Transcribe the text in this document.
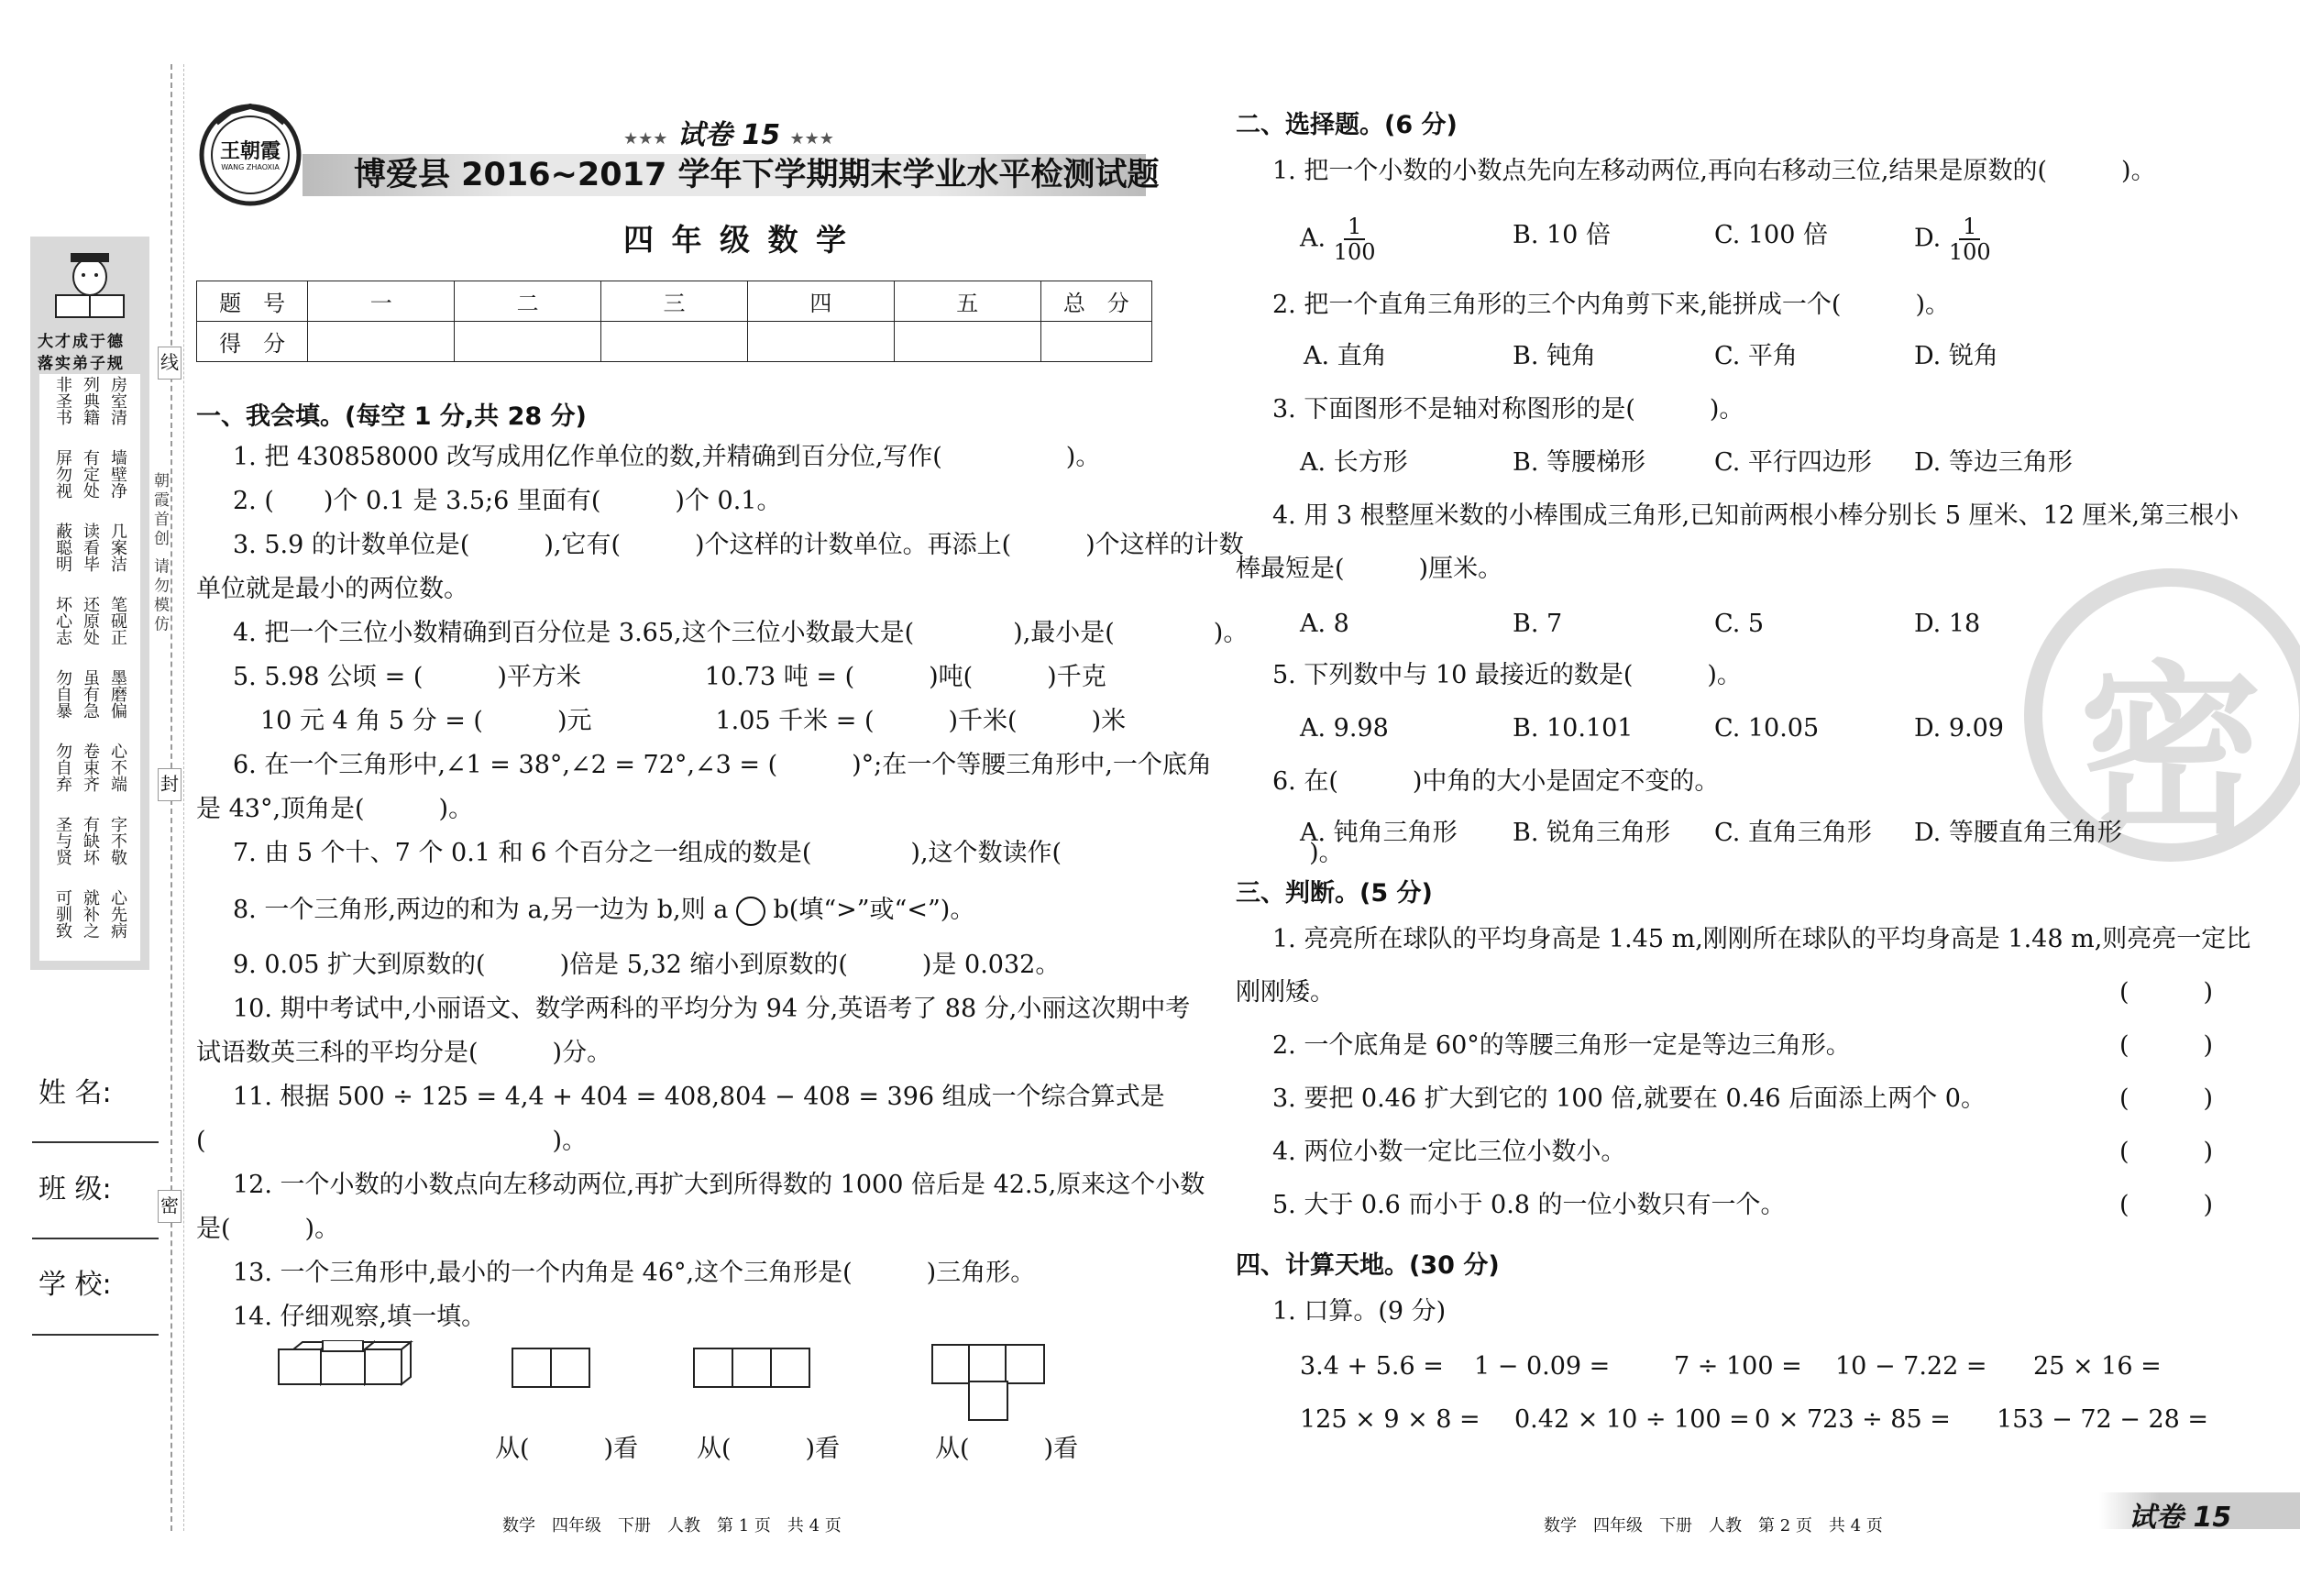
线
封
密
朝霞首创 请勿模仿
大才成于德
落实弟子规
房室清
列典籍
非圣书
墙壁净
有定处
屏勿视
几案洁
读看毕
蔽聪明
笔砚正
还原处
坏心志
墨磨偏
虽有急
勿自暴
心不端
卷束齐
勿自弃
字不敬
有缺坏
圣与贤
心先病
就补之
可驯致
姓 名:
班 级:
学 校:
王朝霞
WANG ZHAOXIA
★★★ 试卷 15 ★★★
博爱县 2016~2017 学年下学期期末学业水平检测试题
四 年 级 数 学
题　号	一	二	三	四	五	总　分
得　分						
一、我会填。(每空 1 分,共 28 分)
1. 把 430858000 改写成用亿作单位的数,并精确到百分位,写作(　　　　　)。
2. (　　)个 0.1 是 3.5;6 里面有(　　　)个 0.1。
3. 5.9 的计数单位是(　　　),它有(　　　)个这样的计数单位。再添上(　　　)个这样的计数
单位就是最小的两位数。
4. 把一个三位小数精确到百分位是 3.65,这个三位小数最大是(　　　　),最小是(　　　　)。
5. 5.98 公顷 = (　　　)平方米　　　　　10.73 吨 = (　　　)吨(　　　)千克
10 元 4 角 5 分 = (　　　)元　　　　　1.05 千米 = (　　　)千米(　　　)米
6. 在一个三角形中,∠1 = 38°,∠2 = 72°,∠3 = (　　　)°;在一个等腰三角形中,一个底角
是 43°,顶角是(　　　)。
7. 由 5 个十、7 个 0.1 和 6 个百分之一组成的数是(　　　　),这个数读作(　　　　　　　　　　)。
8. 一个三角形,两边的和为 a,另一边为 b,则 a b(填“>”或“<”)。
9. 0.05 扩大到原数的(　　　)倍是 5,32 缩小到原数的(　　　)是 0.032。
10. 期中考试中,小丽语文、数学两科的平均分为 94 分,英语考了 88 分,小丽这次期中考
试语数英三科的平均分是(　　　)分。
11. 根据 500 ÷ 125 = 4,4 + 404 = 408,804 − 408 = 396 组成一个综合算式是
(　　　　　　　　　　　　　　)。
12. 一个小数的小数点向左移动两位,再扩大到所得数的 1000 倍后是 42.5,原来这个小数
是(　　　)。
13. 一个三角形中,最小的一个内角是 46°,这个三角形是(　　　)三角形。
14. 仔细观察,填一填。
从(　　　)看 从(　　　)看	从(　　　)看
数学　四年级　下册　人教　第 1 页　共 4 页
密
二、选择题。(6 分)
1. 把一个小数的小数点先向左移动两位,再向右移动三位,结果是原数的(　　　)。
A. $\frac{1}{100}$	B. 10 倍	C. 100 倍	D. $\frac{1}{100}$
2. 把一个直角三角形的三个内角剪下来,能拼成一个(　　　)。
A. 直角	B. 钝角	C. 平角	D. 锐角
3. 下面图形不是轴对称图形的是(　　　)。
A. 长方形	B. 等腰梯形	C. 平行四边形 D. 等边三角形
4. 用 3 根整厘米数的小棒围成三角形,已知前两根小棒分别长 5 厘米、12 厘米,第三根小
棒最短是(　　　)厘米。
A. 8	B. 7	C. 5	D. 18
5. 下列数中与 10 最接近的数是(　　　)。
A. 9.98	B. 10.101	C. 10.05	D. 9.09
6. 在(　　　)中角的大小是固定不变的。
A. 钝角三角形 B. 锐角三角形 C. 直角三角形 D. 等腰直角三角形
三、判断。(5 分)
1. 亮亮所在球队的平均身高是 1.45 m,刚刚所在球队的平均身高是 1.48 m,则亮亮一定比
刚刚矮。	(　　　)
2. 一个底角是 60°的等腰三角形一定是等边三角形。	(　　　)
3. 要把 0.46 扩大到它的 100 倍,就要在 0.46 后面添上两个 0。	(　　　)
4. 两位小数一定比三位小数小。	(　　　)
5. 大于 0.6 而小于 0.8 的一位小数只有一个。	(　　　)
四、计算天地。(30 分)
1. 口算。(9 分)
3.4 + 5.6 = 1 − 0.09 =	7 ÷ 100 = 10 − 7.22 = 25 × 16 =
125 × 9 × 8 = 0.42 × 10 ÷ 100 = 0 × 723 ÷ 85 = 153 − 72 − 28 =
数学　四年级　下册　人教　第 2 页　共 4 页	试卷 15
